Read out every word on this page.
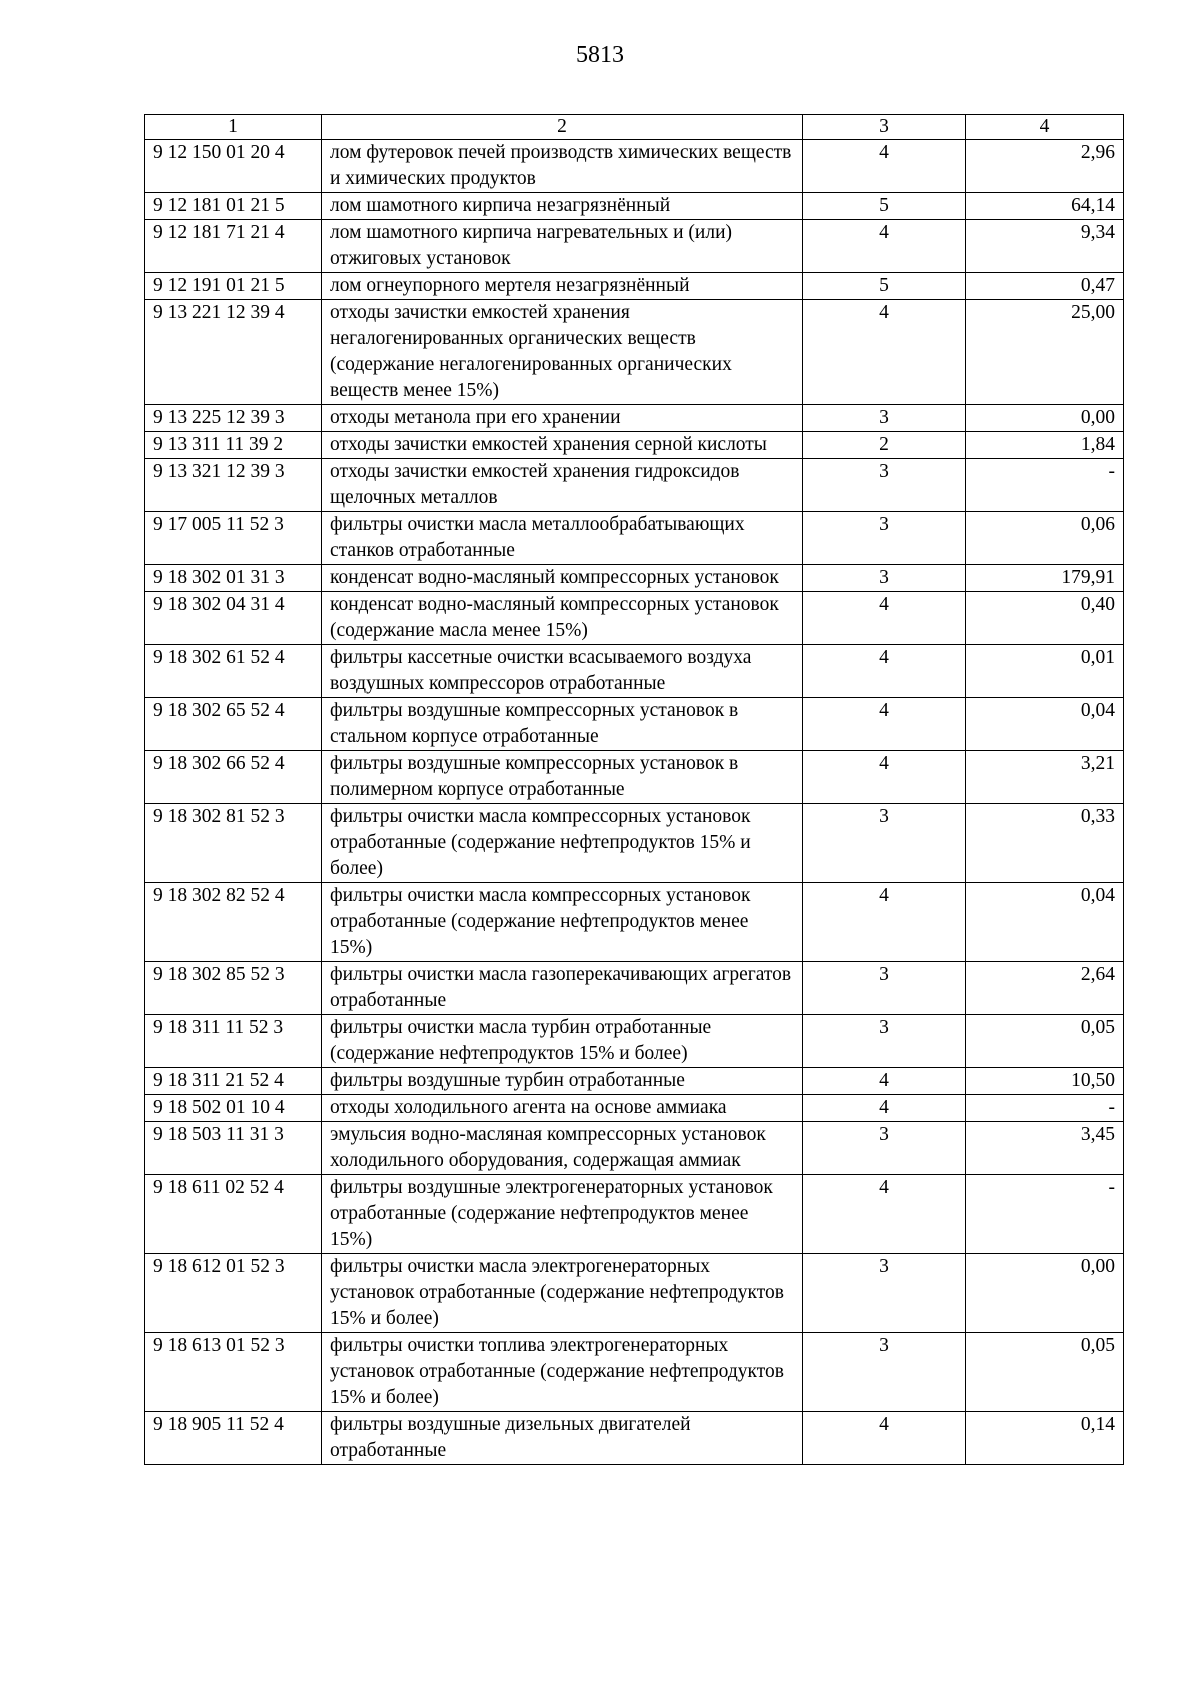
5813
1	2	3	4
9 12 150 01 20 4	лом футеровок печей производств химических веществ и химических продуктов	4	2,96
9 12 181 01 21 5	лом шамотного кирпича незагрязнённый	5	64,14
9 12 181 71 21 4	лом шамотного кирпича нагревательных и (или) отжиговых установок	4	9,34
9 12 191 01 21 5	лом огнеупорного мертеля незагрязнённый	5	0,47
9 13 221 12 39 4	отходы зачистки емкостей хранения негалогенированных органических веществ (содержание негалогенированных органических веществ менее 15%)	4	25,00
9 13 225 12 39 3	отходы метанола при его хранении	3	0,00
9 13 311 11 39 2	отходы зачистки емкостей хранения серной кислоты	2	1,84
9 13 321 12 39 3	отходы зачистки емкостей хранения гидроксидов щелочных металлов	3	-
9 17 005 11 52 3	фильтры очистки масла металлообрабатывающих станков отработанные	3	0,06
9 18 302 01 31 3	конденсат водно-масляный компрессорных установок	3	179,91
9 18 302 04 31 4	конденсат водно-масляный компрессорных установок (содержание масла менее 15%)	4	0,40
9 18 302 61 52 4	фильтры кассетные очистки всасываемого воздуха воздушных компрессоров отработанные	4	0,01
9 18 302 65 52 4	фильтры воздушные компрессорных установок в стальном корпусе отработанные	4	0,04
9 18 302 66 52 4	фильтры воздушные компрессорных установок в полимерном корпусе отработанные	4	3,21
9 18 302 81 52 3	фильтры очистки масла компрессорных установок отработанные (содержание нефтепродуктов 15% и более)	3	0,33
9 18 302 82 52 4	фильтры очистки масла компрессорных установок отработанные (содержание нефтепродуктов менее 15%)	4	0,04
9 18 302 85 52 3	фильтры очистки масла газоперекачивающих агрегатов отработанные	3	2,64
9 18 311 11 52 3	фильтры очистки масла турбин отработанные (содержание нефтепродуктов 15% и более)	3	0,05
9 18 311 21 52 4	фильтры воздушные турбин отработанные	4	10,50
9 18 502 01 10 4	отходы холодильного агента на основе аммиака	4	-
9 18 503 11 31 3	эмульсия водно-масляная компрессорных установок холодильного оборудования, содержащая аммиак	3	3,45
9 18 611 02 52 4	фильтры воздушные электрогенераторных установок отработанные (содержание нефтепродуктов менее 15%)	4	-
9 18 612 01 52 3	фильтры очистки масла электрогенераторных установок отработанные (содержание нефтепродуктов 15% и более)	3	0,00
9 18 613 01 52 3	фильтры очистки топлива электрогенераторных установок отработанные (содержание нефтепродуктов 15% и более)	3	0,05
9 18 905 11 52 4	фильтры воздушные дизельных двигателей отработанные	4	0,14
